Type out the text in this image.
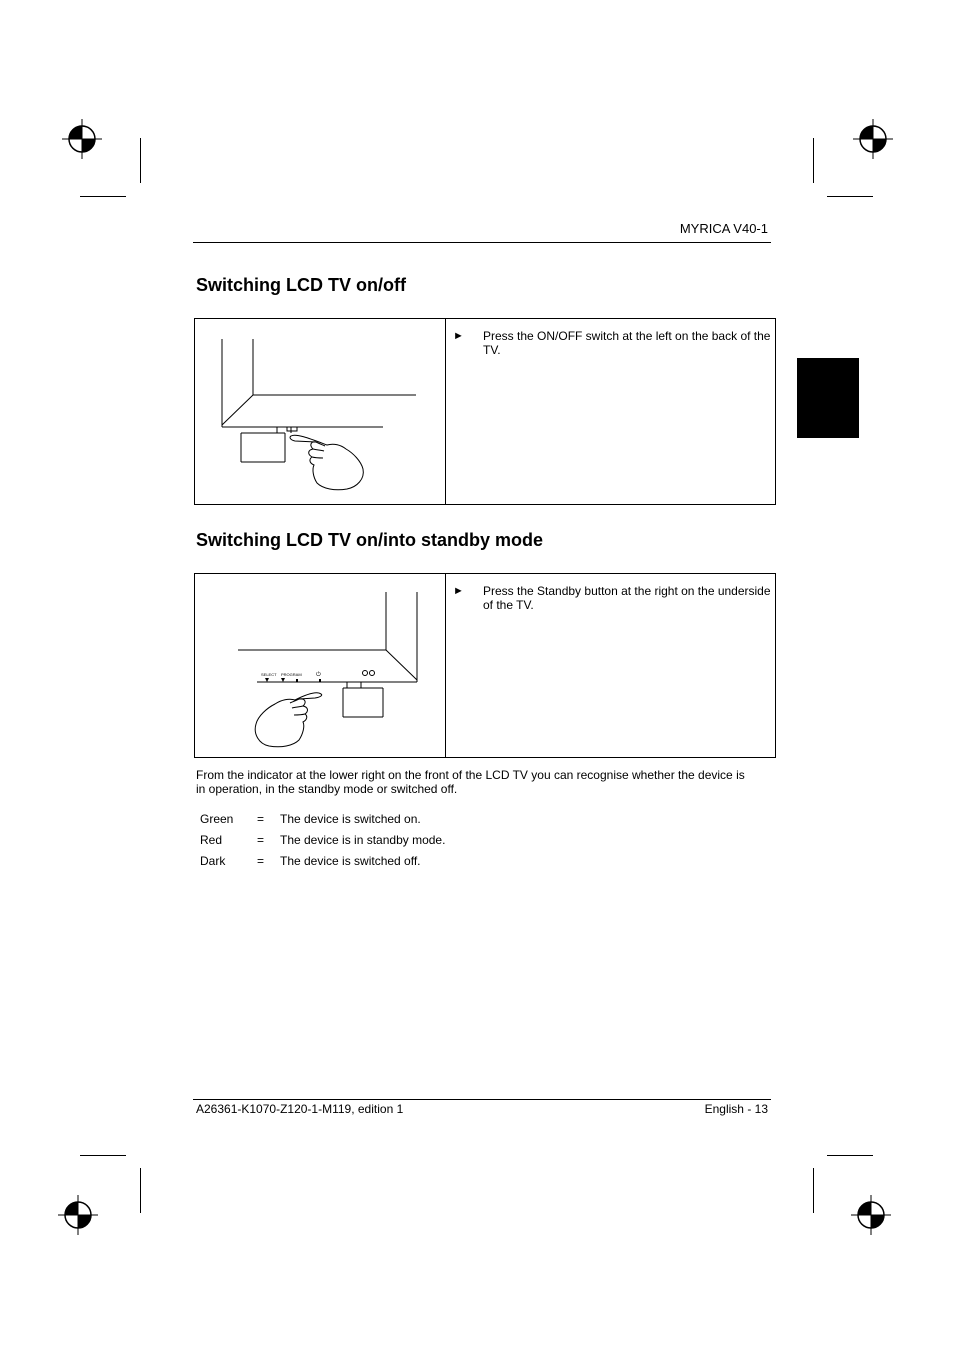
MYRICA V40-1
Switching LCD TV on/off
► Press the ON/OFF switch at the left on the back of the TV.
Switching LCD TV on/into standby mode
SELECT PROGRAM ⏻
► Press the Standby button at the right on the underside of the TV.
From the indicator at the lower right on the front of the LCD TV you can recognise whether the device is in operation, in the standby mode or switched off.
Green = The device is switched on.
Red	= The device is in standby mode.
Dark	= The device is switched off.
A26361-K1070-Z120-1-M119, edition 1	English - 13
